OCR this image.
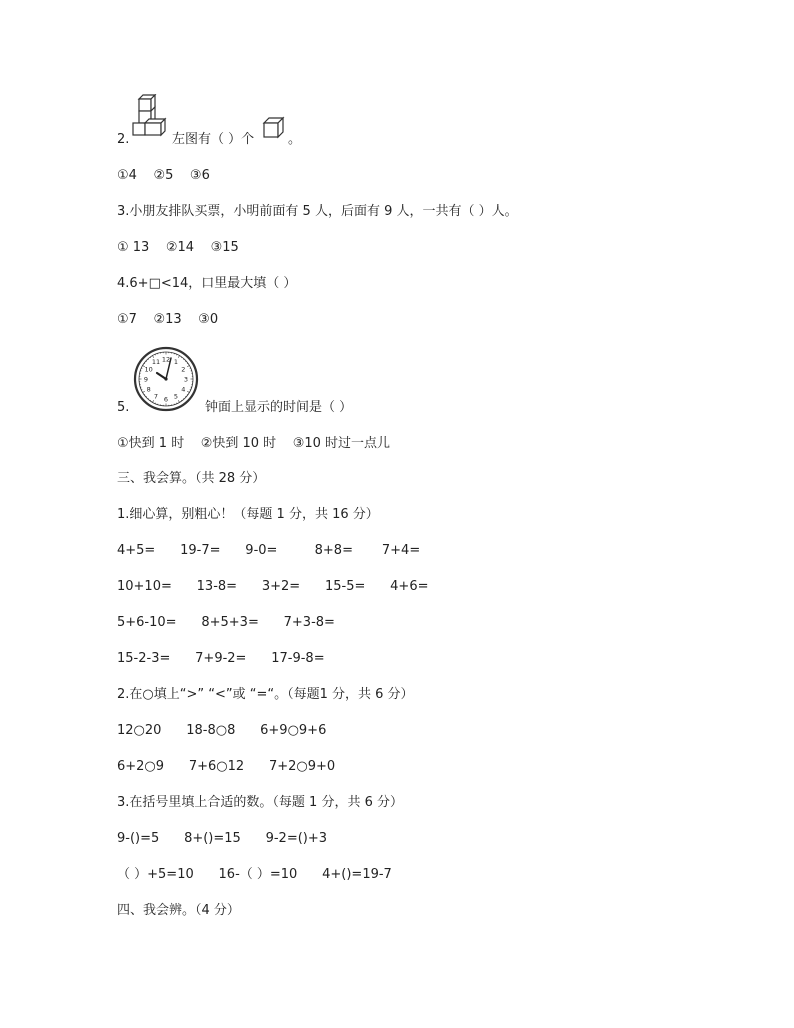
2.	左图有（ ）个	。
①4    ②5    ③6
3.小朋友排队买票，小明前面有 5 人，后面有 9 人，一共有（ ）人。
① 13    ②14    ③15
4.6+□<14，口里最大填（ ）
①7    ②13    ③0
12 1
2
3
4
5
6
7
8
9
10
11
5.	钟面上显示的时间是（ ）
①快到 1 时    ②快到 10 时    ③10 时过一点儿
三、我会算。（共 28 分）
1.细心算，别粗心！（每题 1 分，共 16 分）
4+5=      19-7=      9-0=         8+8=       7+4=
10+10=      13-8=      3+2=      15-5=      4+6=
5+6-10=      8+5+3=      7+3-8=
15-2-3=      7+9-2=      17-9-8=
2.在○填上“>” “<”或 “=“。（每题1 分，共 6 分）
12○20      18-8○8      6+9○9+6
6+2○9      7+6○12      7+2○9+0
3.在括号里填上合适的数。（每题 1 分，共 6 分）
9-()=5      8+()=15      9-2=()+3
（ ）+5=10      16-（ ）=10      4+()=19-7
四、我会辨。（4 分）
